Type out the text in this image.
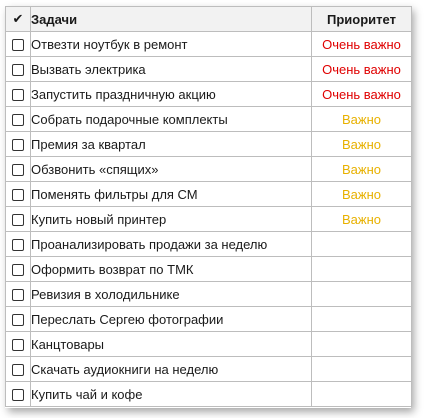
✔	Задачи	Приоритет
	Отвезти ноутбук в ремонт	Очень важно
	Вызвать электрика	Очень важно
	Запустить праздничную акцию	Очень важно
	Собрать подарочные комплекты	Важно
	Премия за квартал	Важно
	Обзвонить «спящих»	Важно
	Поменять фильтры для СМ	Важно
	Купить новый принтер	Важно
	Проанализировать продажи за неделю	
	Оформить возврат по ТМК	
	Ревизия в холодильнике	
	Переслать Сергею фотографии	
	Канцтовары	
	Скачать аудиокниги на неделю	
	Купить чай и кофе	
